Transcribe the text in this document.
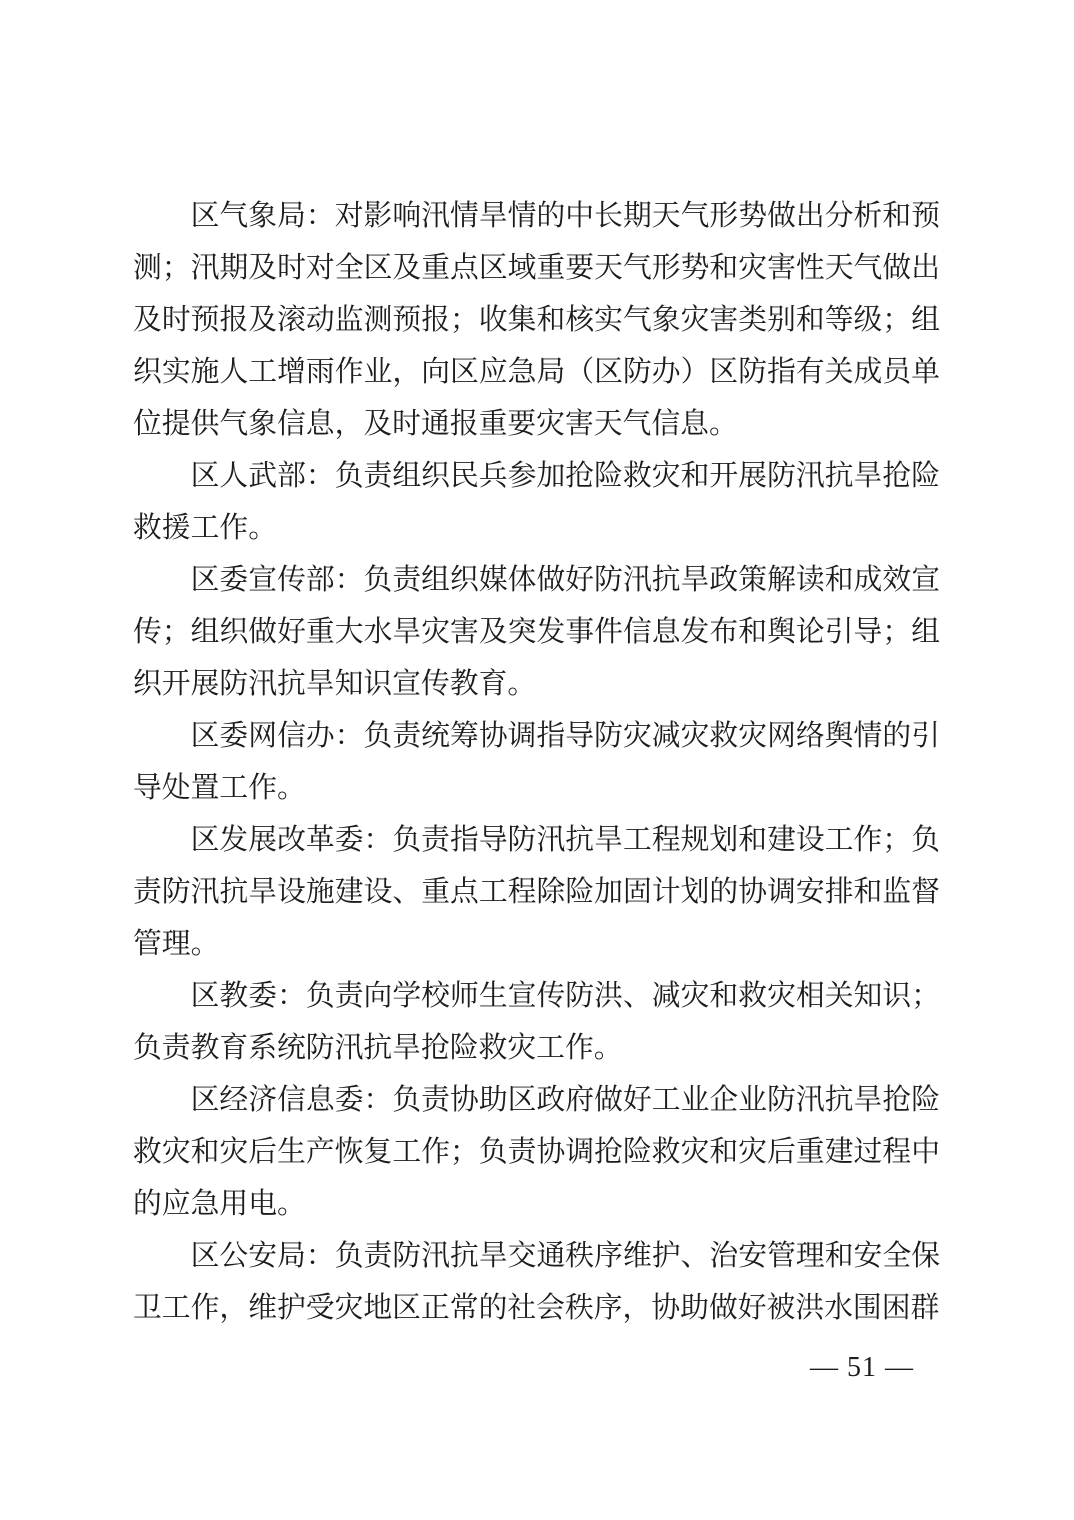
区气象局：对影响汛情旱情的中长期天气形势做出分析和预测；汛期及时对全区及重点区域重要天气形势和灾害性天气做出及时预报及滚动监测预报；收集和核实气象灾害类别和等级；组织实施人工增雨作业，向区应急局（区防办）区防指有关成员单位提供气象信息，及时通报重要灾害天气信息。

区人武部：负责组织民兵参加抢险救灾和开展防汛抗旱抢险救援工作。

区委宣传部：负责组织媒体做好防汛抗旱政策解读和成效宣传；组织做好重大水旱灾害及突发事件信息发布和舆论引导；组织开展防汛抗旱知识宣传教育。

区委网信办：负责统筹协调指导防灾减灾救灾网络舆情的引导处置工作。

区发展改革委：负责指导防汛抗旱工程规划和建设工作；负责防汛抗旱设施建设、重点工程除险加固计划的协调安排和监督管理。

区教委：负责向学校师生宣传防洪、减灾和救灾相关知识；负责教育系统防汛抗旱抢险救灾工作。

区经济信息委：负责协助区政府做好工业企业防汛抗旱抢险救灾和灾后生产恢复工作；负责协调抢险救灾和灾后重建过程中的应急用电。

区公安局：负责防汛抗旱交通秩序维护、治安管理和安全保卫工作，维护受灾地区正常的社会秩序，协助做好被洪水围困群

— 51 —
